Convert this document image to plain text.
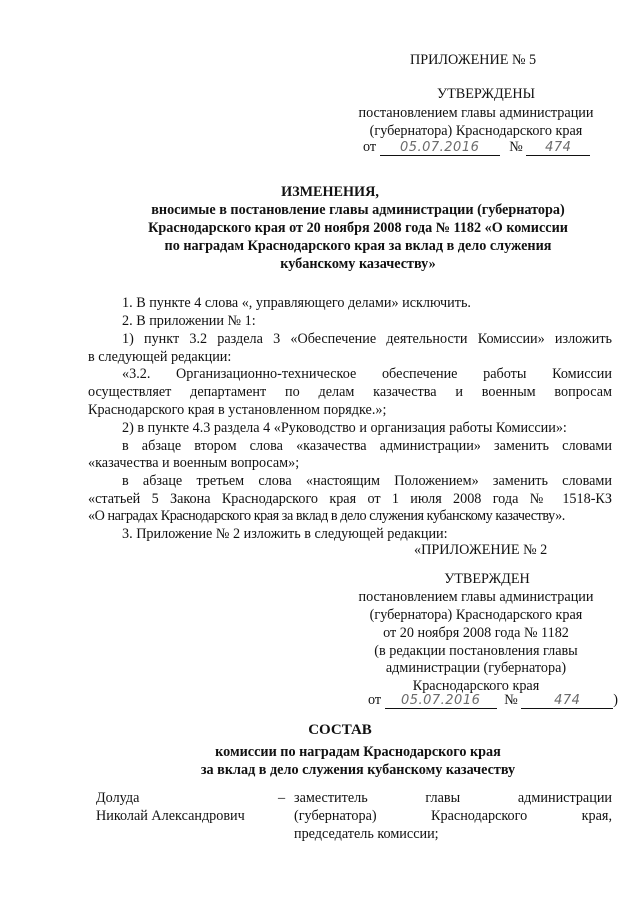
ПРИЛОЖЕНИЕ № 5
УТВЕРЖДЕНЫ
постановлением главы администрации
(губернатора) Краснодарского края
от 05.07.2016 № 474
ИЗМЕНЕНИЯ,
вносимые в постановление главы администрации (губернатора)
Краснодарского края от 20 ноября 2008 года № 1182 «О комиссии
по наградам Краснодарского края за вклад в дело служения
кубанскому казачеству»
1. В пункте 4 слова «, управляющего делами» исключить.
2. В приложении № 1:
1) пункт 3.2 раздела 3 «Обеспечение деятельности Комиссии» изложить
в следующей редакции:
«3.2. Организационно-техническое обеспечение работы Комиссии
осуществляет департамент по делам казачества и военным вопросам
Краснодарского края в установленном порядке.»;
2) в пункте 4.3 раздела 4 «Руководство и организация работы Комиссии»:
в абзаце втором слова «казачества администрации» заменить словами
«казачества и военным вопросам»;
в абзаце третьем слова «настоящим Положением» заменить словами
«статьей 5 Закона Краснодарского края от 1 июля 2008 года № 1518-КЗ
«О наградах Краснодарского края за вклад в дело служения кубанскому казачеству».
3. Приложение № 2 изложить в следующей редакции:
«ПРИЛОЖЕНИЕ № 2
УТВЕРЖДЕН
постановлением главы администрации
(губернатора) Краснодарского края
от 20 ноября 2008 года № 1182
(в редакции постановления главы
администрации (губернатора)
Краснодарского края
от 05.07.2016 №	474 )
СОСТАВ
комиссии по наградам Краснодарского края
за вклад в дело служения кубанскому казачеству
Долуда
Николай Александрович
– заместитель главы администрации
(губернатора) Краснодарского края,
председатель комиссии;
